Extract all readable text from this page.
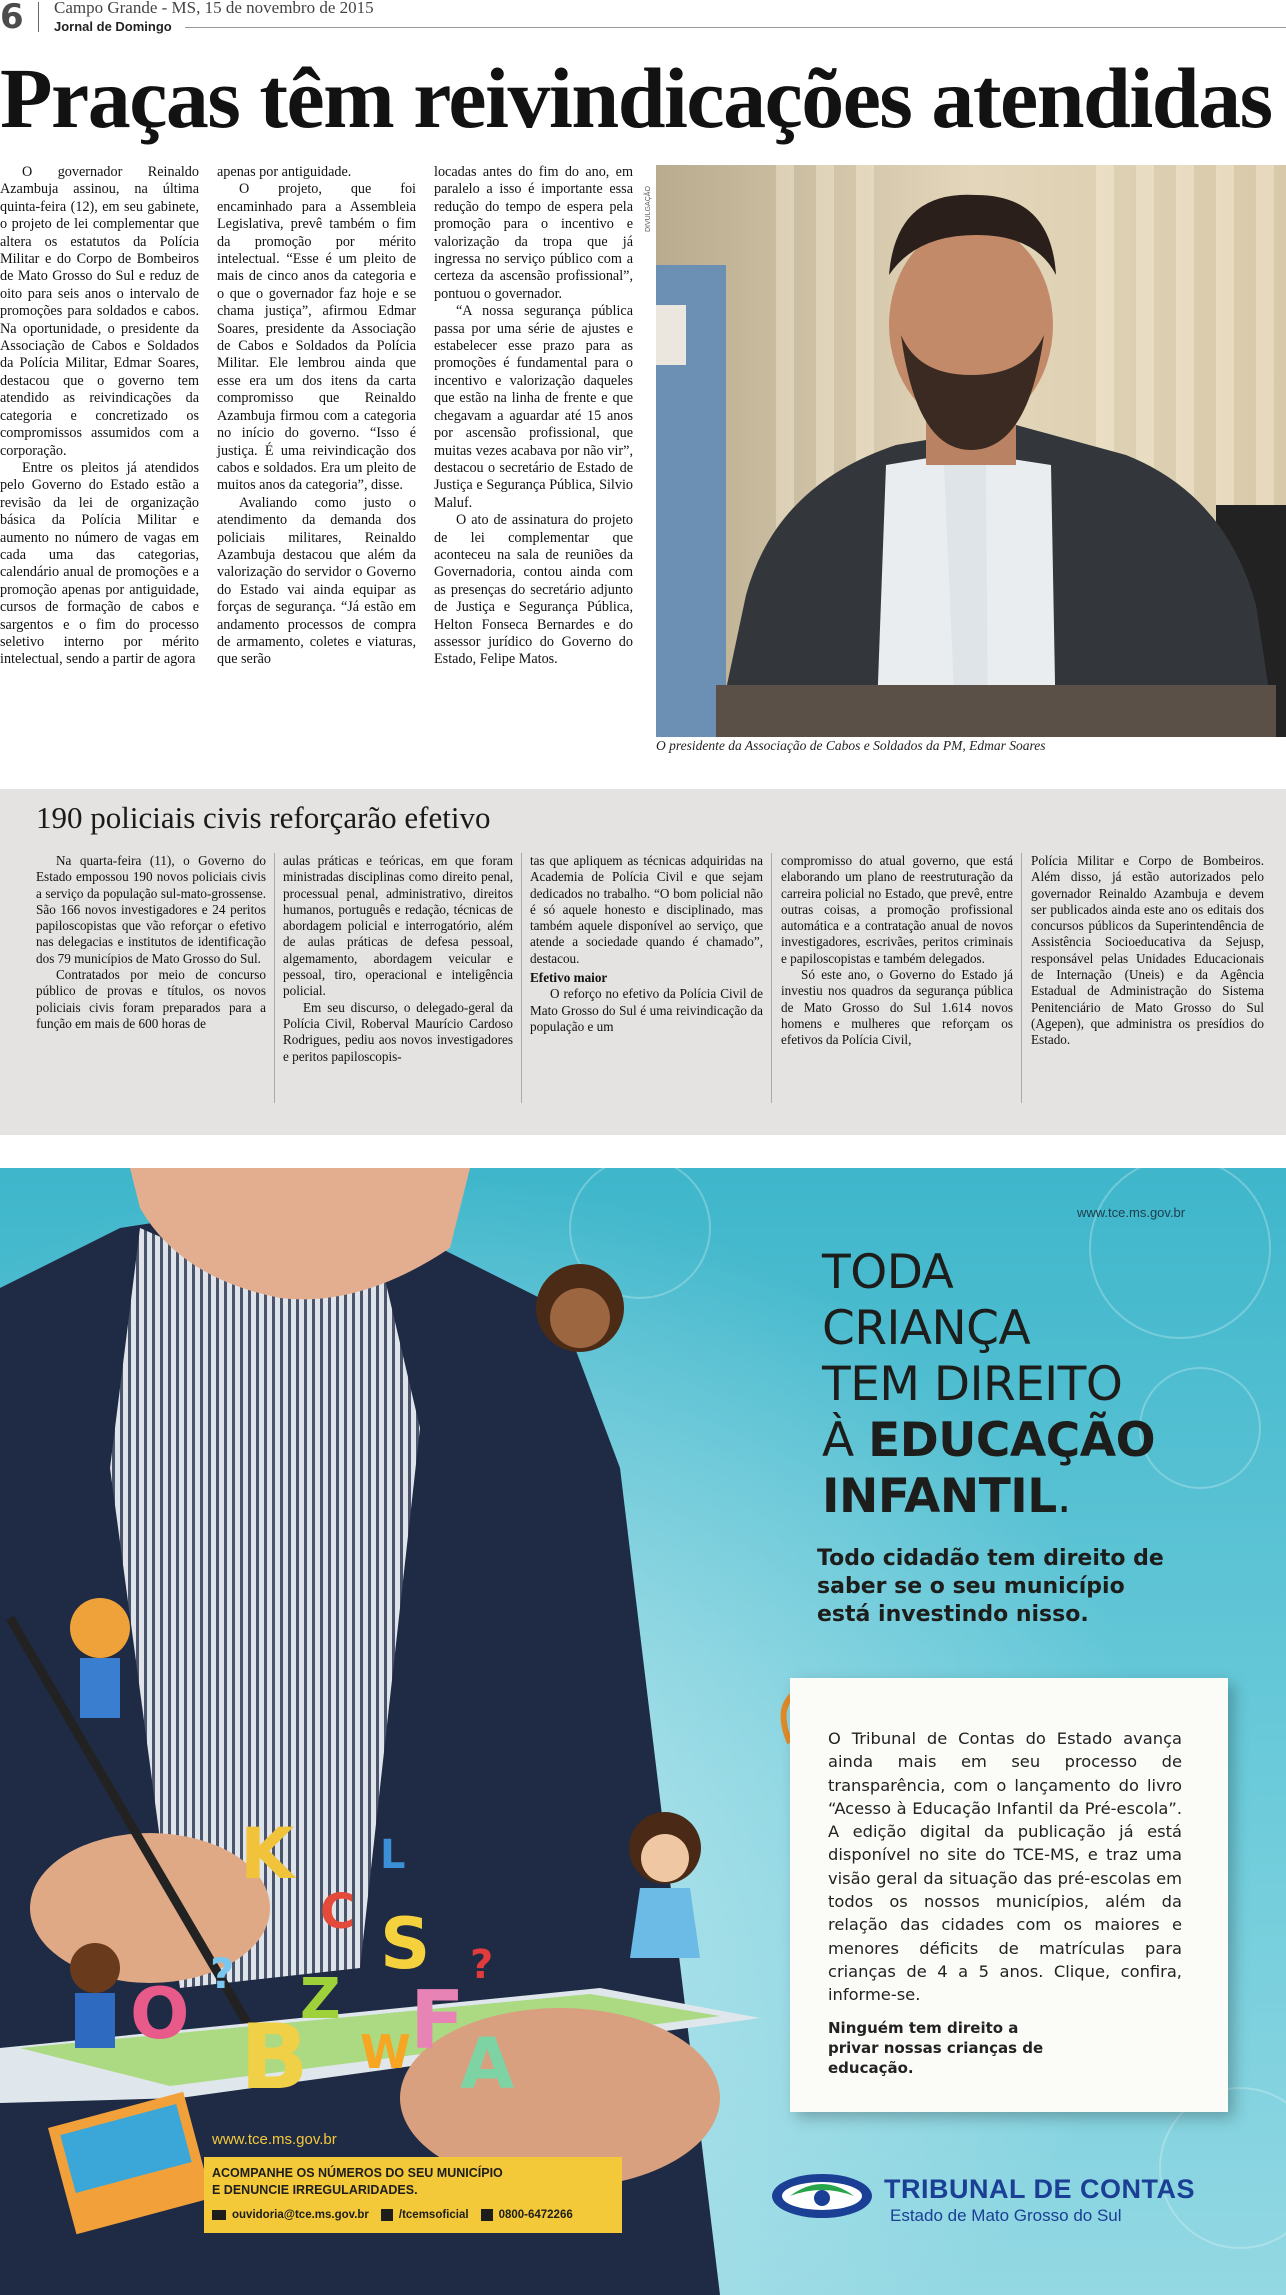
6 Campo Grande - MS, 15 de novembro de 2015
Jornal de Domingo
Praças têm reivindicações atendidas

O governador Reinaldo Azambuja assinou, na última quinta-feira (12), em seu gabinete, o projeto de lei complementar que altera os estatutos da Polícia Militar e do Corpo de Bombeiros de Mato Grosso do Sul e reduz de oito para seis anos o intervalo de promoções para soldados e cabos. Na oportunidade, o presidente da Associação de Cabos e Soldados da Polícia Militar, Edmar Soares, destacou que o governo tem atendido as reivindicações da categoria e concretizado os compromissos assumidos com a corporação.

Entre os pleitos já atendidos pelo Governo do Estado estão a revisão da lei de organização básica da Polícia Militar e aumento no número de vagas em cada uma das categorias, calendário anual de promoções e a promoção apenas por antiguidade, cursos de formação de cabos e sargentos e o fim do processo seletivo interno por mérito intelectual, sendo a partir de agora

apenas por antiguidade.

O projeto, que foi encaminhado para a Assembleia Legislativa, prevê também o fim da promoção por mérito intelectual. “Esse é um pleito de mais de cinco anos da categoria e o que o governador faz hoje e se chama justiça”, afirmou Edmar Soares, presidente da Associação de Cabos e Soldados da Polícia Militar. Ele lembrou ainda que esse era um dos itens da carta compromisso que Reinaldo Azambuja firmou com a categoria no início do governo. “Isso é justiça. É uma reivindicação dos cabos e soldados. Era um pleito de muitos anos da categoria”, disse.

Avaliando como justo o atendimento da demanda dos policiais militares, Reinaldo Azambuja destacou que além da valorização do servidor o Governo do Estado vai ainda equipar as forças de segurança. “Já estão em andamento processos de compra de armamento, coletes e viaturas, que serão

locadas antes do fim do ano, em paralelo a isso é importante essa redução do tempo de espera pela promoção para o incentivo e valorização da tropa que já ingressa no serviço público com a certeza da ascensão profissional”, pontuou o governador.

“A nossa segurança pública passa por uma série de ajustes e estabelecer esse prazo para as promoções é fundamental para o incentivo e valorização daqueles que estão na linha de frente e que chegavam a aguardar até 15 anos por ascensão profissional, que muitas vezes acabava por não vir”, destacou o secretário de Estado de Justiça e Segurança Pública, Silvio Maluf.

O ato de assinatura do projeto de lei complementar que aconteceu na sala de reuniões da Governadoria, contou ainda com as presenças do secretário adjunto de Justiça e Segurança Pública, Helton Fonseca Bernardes e do assessor jurídico do Governo do Estado, Felipe Matos.

DIVULGAÇÃO
O presidente da Associação de Cabos e Soldados da PM, Edmar Soares
190 policiais civis reforçarão efetivo

Na quarta-feira (11), o Governo do Estado empossou 190 novos policiais civis a serviço da população sul-mato-grossense. São 166 novos investigadores e 24 peritos papiloscopistas que vão reforçar o efetivo nas delegacias e institutos de identificação dos 79 municípios de Mato Grosso do Sul.

Contratados por meio de concurso público de provas e títulos, os novos policiais civis foram preparados para a função em mais de 600 horas de

aulas práticas e teóricas, em que foram ministradas disciplinas como direito penal, processual penal, administrativo, direitos humanos, português e redação, técnicas de abordagem policial e interrogatório, além de aulas práticas de defesa pessoal, algemamento, abordagem veicular e pessoal, tiro, operacional e inteligência policial.

Em seu discurso, o delegado-geral da Polícia Civil, Roberval Maurício Cardoso Rodrigues, pediu aos novos investigadores e peritos papiloscopis-

tas que apliquem as técnicas adquiridas na Academia de Polícia Civil e que sejam dedicados no trabalho. “O bom policial não é só aquele honesto e disciplinado, mas também aquele disponível ao serviço, que atende a sociedade quando é chamado”, destacou.

Efetivo maior

O reforço no efetivo da Polícia Civil de Mato Grosso do Sul é uma reivindicação da população e um

compromisso do atual governo, que está elaborando um plano de reestruturação da carreira policial no Estado, que prevê, entre outras coisas, a promoção profissional automática e a contratação anual de novos investigadores, escrivães, peritos criminais e papiloscopistas e também delegados.

Só este ano, o Governo do Estado já investiu nos quadros da segurança pública de Mato Grosso do Sul 1.614 novos homens e mulheres que reforçam os efetivos da Polícia Civil,

Polícia Militar e Corpo de Bombeiros. Além disso, já estão autorizados pelo governador Reinaldo Azambuja e devem ser publicados ainda este ano os editais dos concursos públicos da Superintendência de Assistência Socioeducativa da Sejusp, responsável pelas Unidades Educacionais de Internação (Uneis) e da Agência Estadual de Administração do Sistema Penitenciário de Mato Grosso do Sul (Agepen), que administra os presídios do Estado.

K
C
L
S
Z
?
O B W F
A
?
www.tce.ms.gov.br
TODA
CRIANÇA
TEM DIREITO
À EDUCAÇÃO
INFANTIL.
Todo cidadão tem direito de saber se o seu município está investindo nisso.
O Tribunal de Contas do Estado avança ainda mais em seu processo de transparência, com o lançamento do livro “Acesso à Educação Infantil da Pré-escola”. A edição digital da publicação já está disponível no site do TCE-MS, e traz uma visão geral da situação das pré-escolas em todos os nossos municípios, além da relação das cidades com os maiores e menores déficits de matrículas para crianças de 4 a 5 anos. Clique, confira, informe-se.
Ninguém tem direito a privar nossas crianças de educação.
www.tce.ms.gov.br
ACOMPANHE OS NÚMEROS DO SEU MUNICÍPIO
E DENUNCIE IRREGULARIDADES.
ouvidoria@tce.ms.gov.br	/tcemsoficial	0800-6472266
TRIBUNAL DE CONTAS
Estado de Mato Grosso do Sul
